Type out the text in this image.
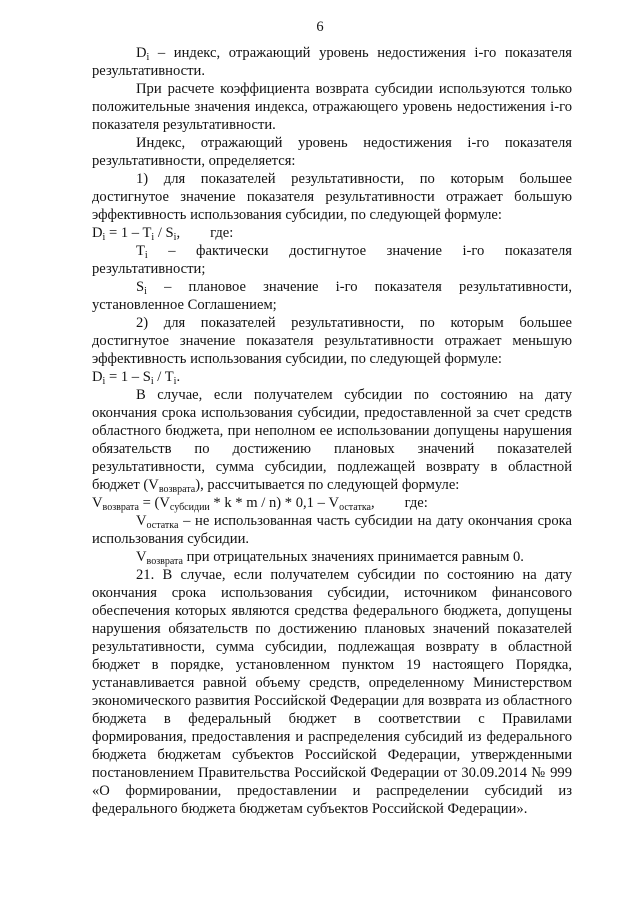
6

$D_i$ – индекс, отражающий уровень недостижения i-го показателя результативности.

При расчете коэффициента возврата субсидии используются только положительные значения индекса, отражающего уровень недостижения i-го показателя результативности.

Индекс, отражающий уровень недостижения i-го показателя результативности, определяется:

1) для показателей результативности, по которым большее достигнутое значение показателя результативности отражает большую эффективность использования субсидии, по следующей формуле:

$D_i = 1 - T_i / S_i$, где:

$T_i$ – фактически достигнутое значение i-го показателя результативности;

$S_i$ – плановое значение i-го показателя результативности, установленное Соглашением;

2) для показателей результативности, по которым большее достигнутое значение показателя результативности отражает меньшую эффективность использования субсидии, по следующей формуле:

$D_i = 1 - S_i / T_i$.

В случае, если получателем субсидии по состоянию на дату окончания срока использования субсидии, предоставленной за счет средств областного бюджета, при неполном ее использовании допущены нарушения обязательств по достижению плановых значений показателей результативности, сумма субсидии, подлежащей возврату в областной бюджет $(V_{возврата})$, рассчитывается по следующей формуле:

$V_{возврата} = (V_{субсидии} * k * m / n) * 0,1 - V_{остатка}$, где:

$V_{остатка}$ – не использованная часть субсидии на дату окончания срока использования субсидии.

$V_{возврата}$ при отрицательных значениях принимается равным 0.

21. В случае, если получателем субсидии по состоянию на дату окончания срока использования субсидии, источником финансового обеспечения которых являются средства федерального бюджета, допущены нарушения обязательств по достижению плановых значений показателей результативности, сумма субсидии, подлежащая возврату в областной бюджет в порядке, установленном пунктом 19 настоящего Порядка, устанавливается равной объему средств, определенному Министерством экономического развития Российской Федерации для возврата из областного бюджета в федеральный бюджет в соответствии с Правилами формирования, предоставления и распределения субсидий из федерального бюджета бюджетам субъектов Российской Федерации, утвержденными постановлением Правительства Российской Федерации от 30.09.2014 № 999 «О формировании, предоставлении и распределении субсидий из федерального бюджета бюджетам субъектов Российской Федерации».
